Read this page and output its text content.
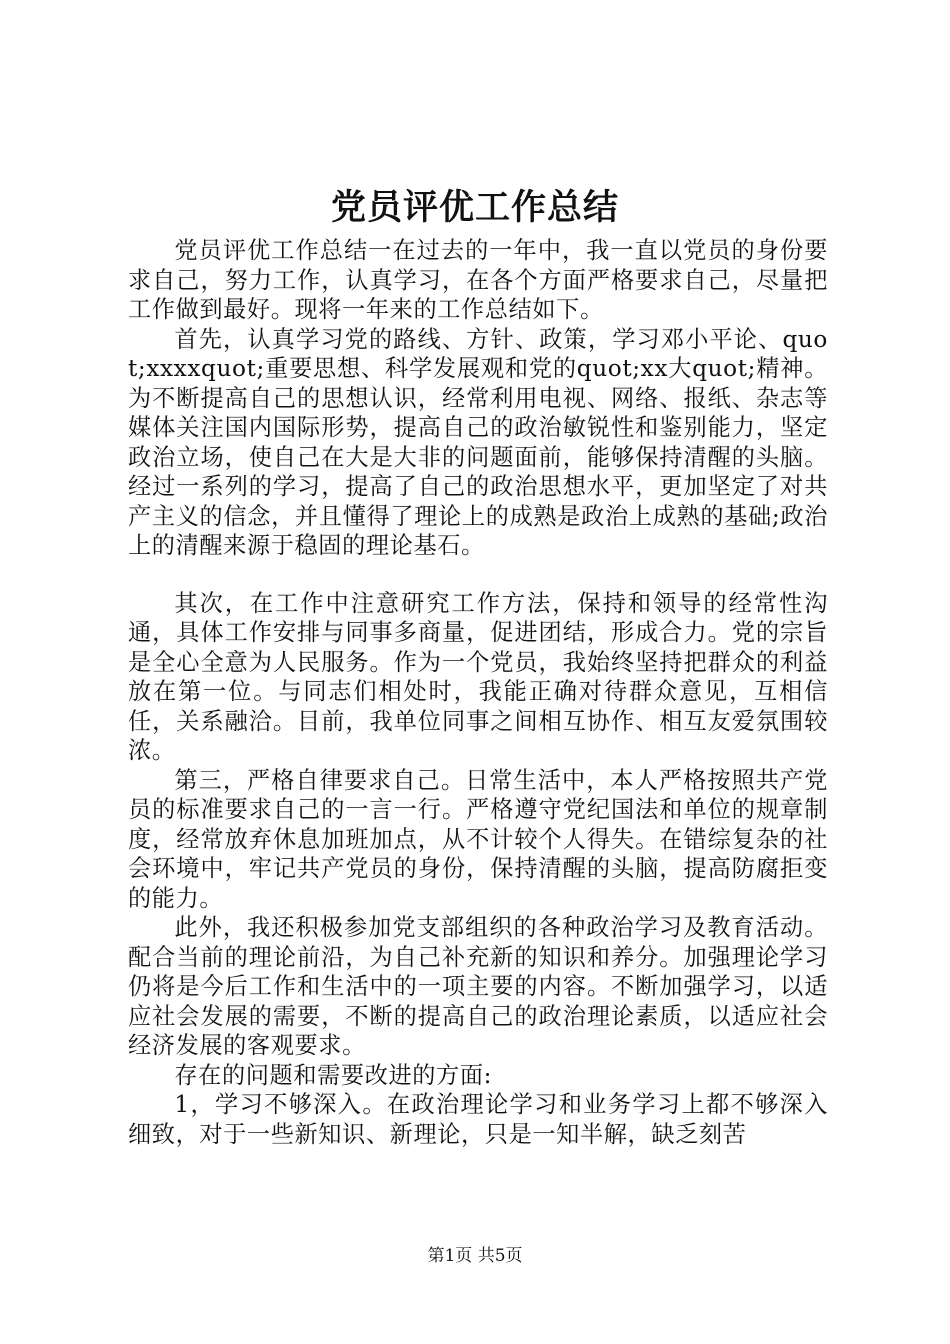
党员评优工作总结

党员评优工作总结一在过去的一年中，我一直以党员的身份要求自己，努力工作，认真学习，在各个方面严格要求自己，尽量把工作做到最好。现将一年来的工作总结如下。

首先，认真学习党的路线、方针、政策，学习邓小平论、quot;xxxxquot;重要思想、科学发展观和党的quot;xx大quot;精神。为不断提高自己的思想认识，经常利用电视、网络、报纸、杂志等媒体关注国内国际形势，提高自己的政治敏锐性和鉴别能力，坚定政治立场，使自己在大是大非的问题面前，能够保持清醒的头脑。经过一系列的学习，提高了自己的政治思想水平，更加坚定了对共产主义的信念，并且懂得了理论上的成熟是政治上成熟的基础;政治上的清醒来源于稳固的理论基石。

其次，在工作中注意研究工作方法，保持和领导的经常性沟通，具体工作安排与同事多商量，促进团结，形成合力。党的宗旨是全心全意为人民服务。作为一个党员，我始终坚持把群众的利益放在第一位。与同志们相处时，我能正确对待群众意见，互相信任，关系融洽。目前，我单位同事之间相互协作、相互友爱氛围较浓。

第三，严格自律要求自己。日常生活中，本人严格按照共产党员的标准要求自己的一言一行。严格遵守党纪国法和单位的规章制度，经常放弃休息加班加点，从不计较个人得失。在错综复杂的社会环境中，牢记共产党员的身份，保持清醒的头脑，提高防腐拒变的能力。

此外，我还积极参加党支部组织的各种政治学习及教育活动。配合当前的理论前沿，为自己补充新的知识和养分。加强理论学习仍将是今后工作和生活中的一项主要的内容。不断加强学习，以适应社会发展的需要，不断的提高自己的政治理论素质，以适应社会经济发展的客观要求。

存在的问题和需要改进的方面:

1，学习不够深入。在政治理论学习和业务学习上都不够深入细致，对于一些新知识、新理论，只是一知半解，缺乏刻苦

第1页 共5页
